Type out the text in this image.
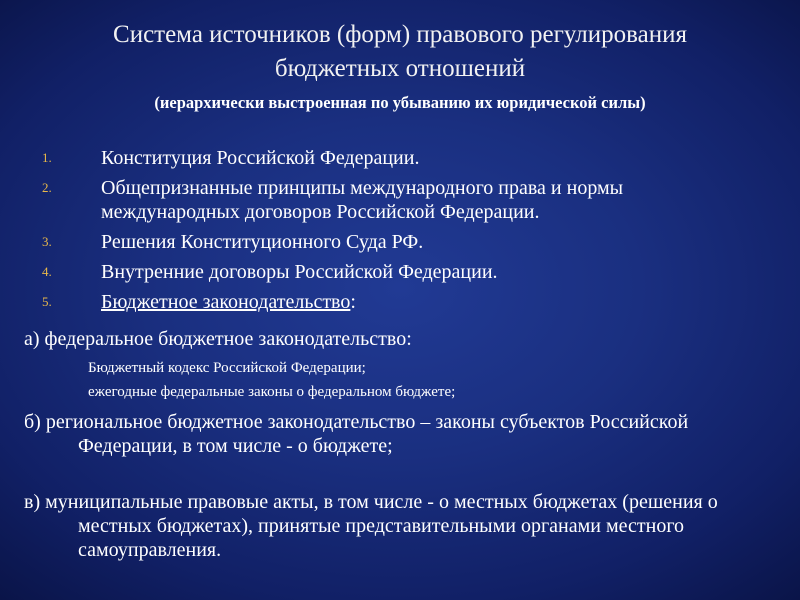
Система источников (форм) правового регулирования
бюджетных отношений
(иерархически выстроенная по убыванию их юридической силы)
1. Конституция Российской Федерации.
2. Общепризнанные принципы международного права и нормы международных договоров Российской Федерации.
3. Решения Конституционного Суда РФ.
4. Внутренние договоры Российской Федерации.
5. Бюджетное законодательство:
а) федеральное бюджетное законодательство:
Бюджетный кодекс Российской Федерации;
ежегодные федеральные законы о федеральном бюджете;
б) региональное бюджетное законодательство – законы субъектов Российской Федерации, в том числе - о бюджете;
в) муниципальные правовые акты, в том числе - о местных бюджетах (решения о местных бюджетах), принятые представительными органами местного самоуправления.
